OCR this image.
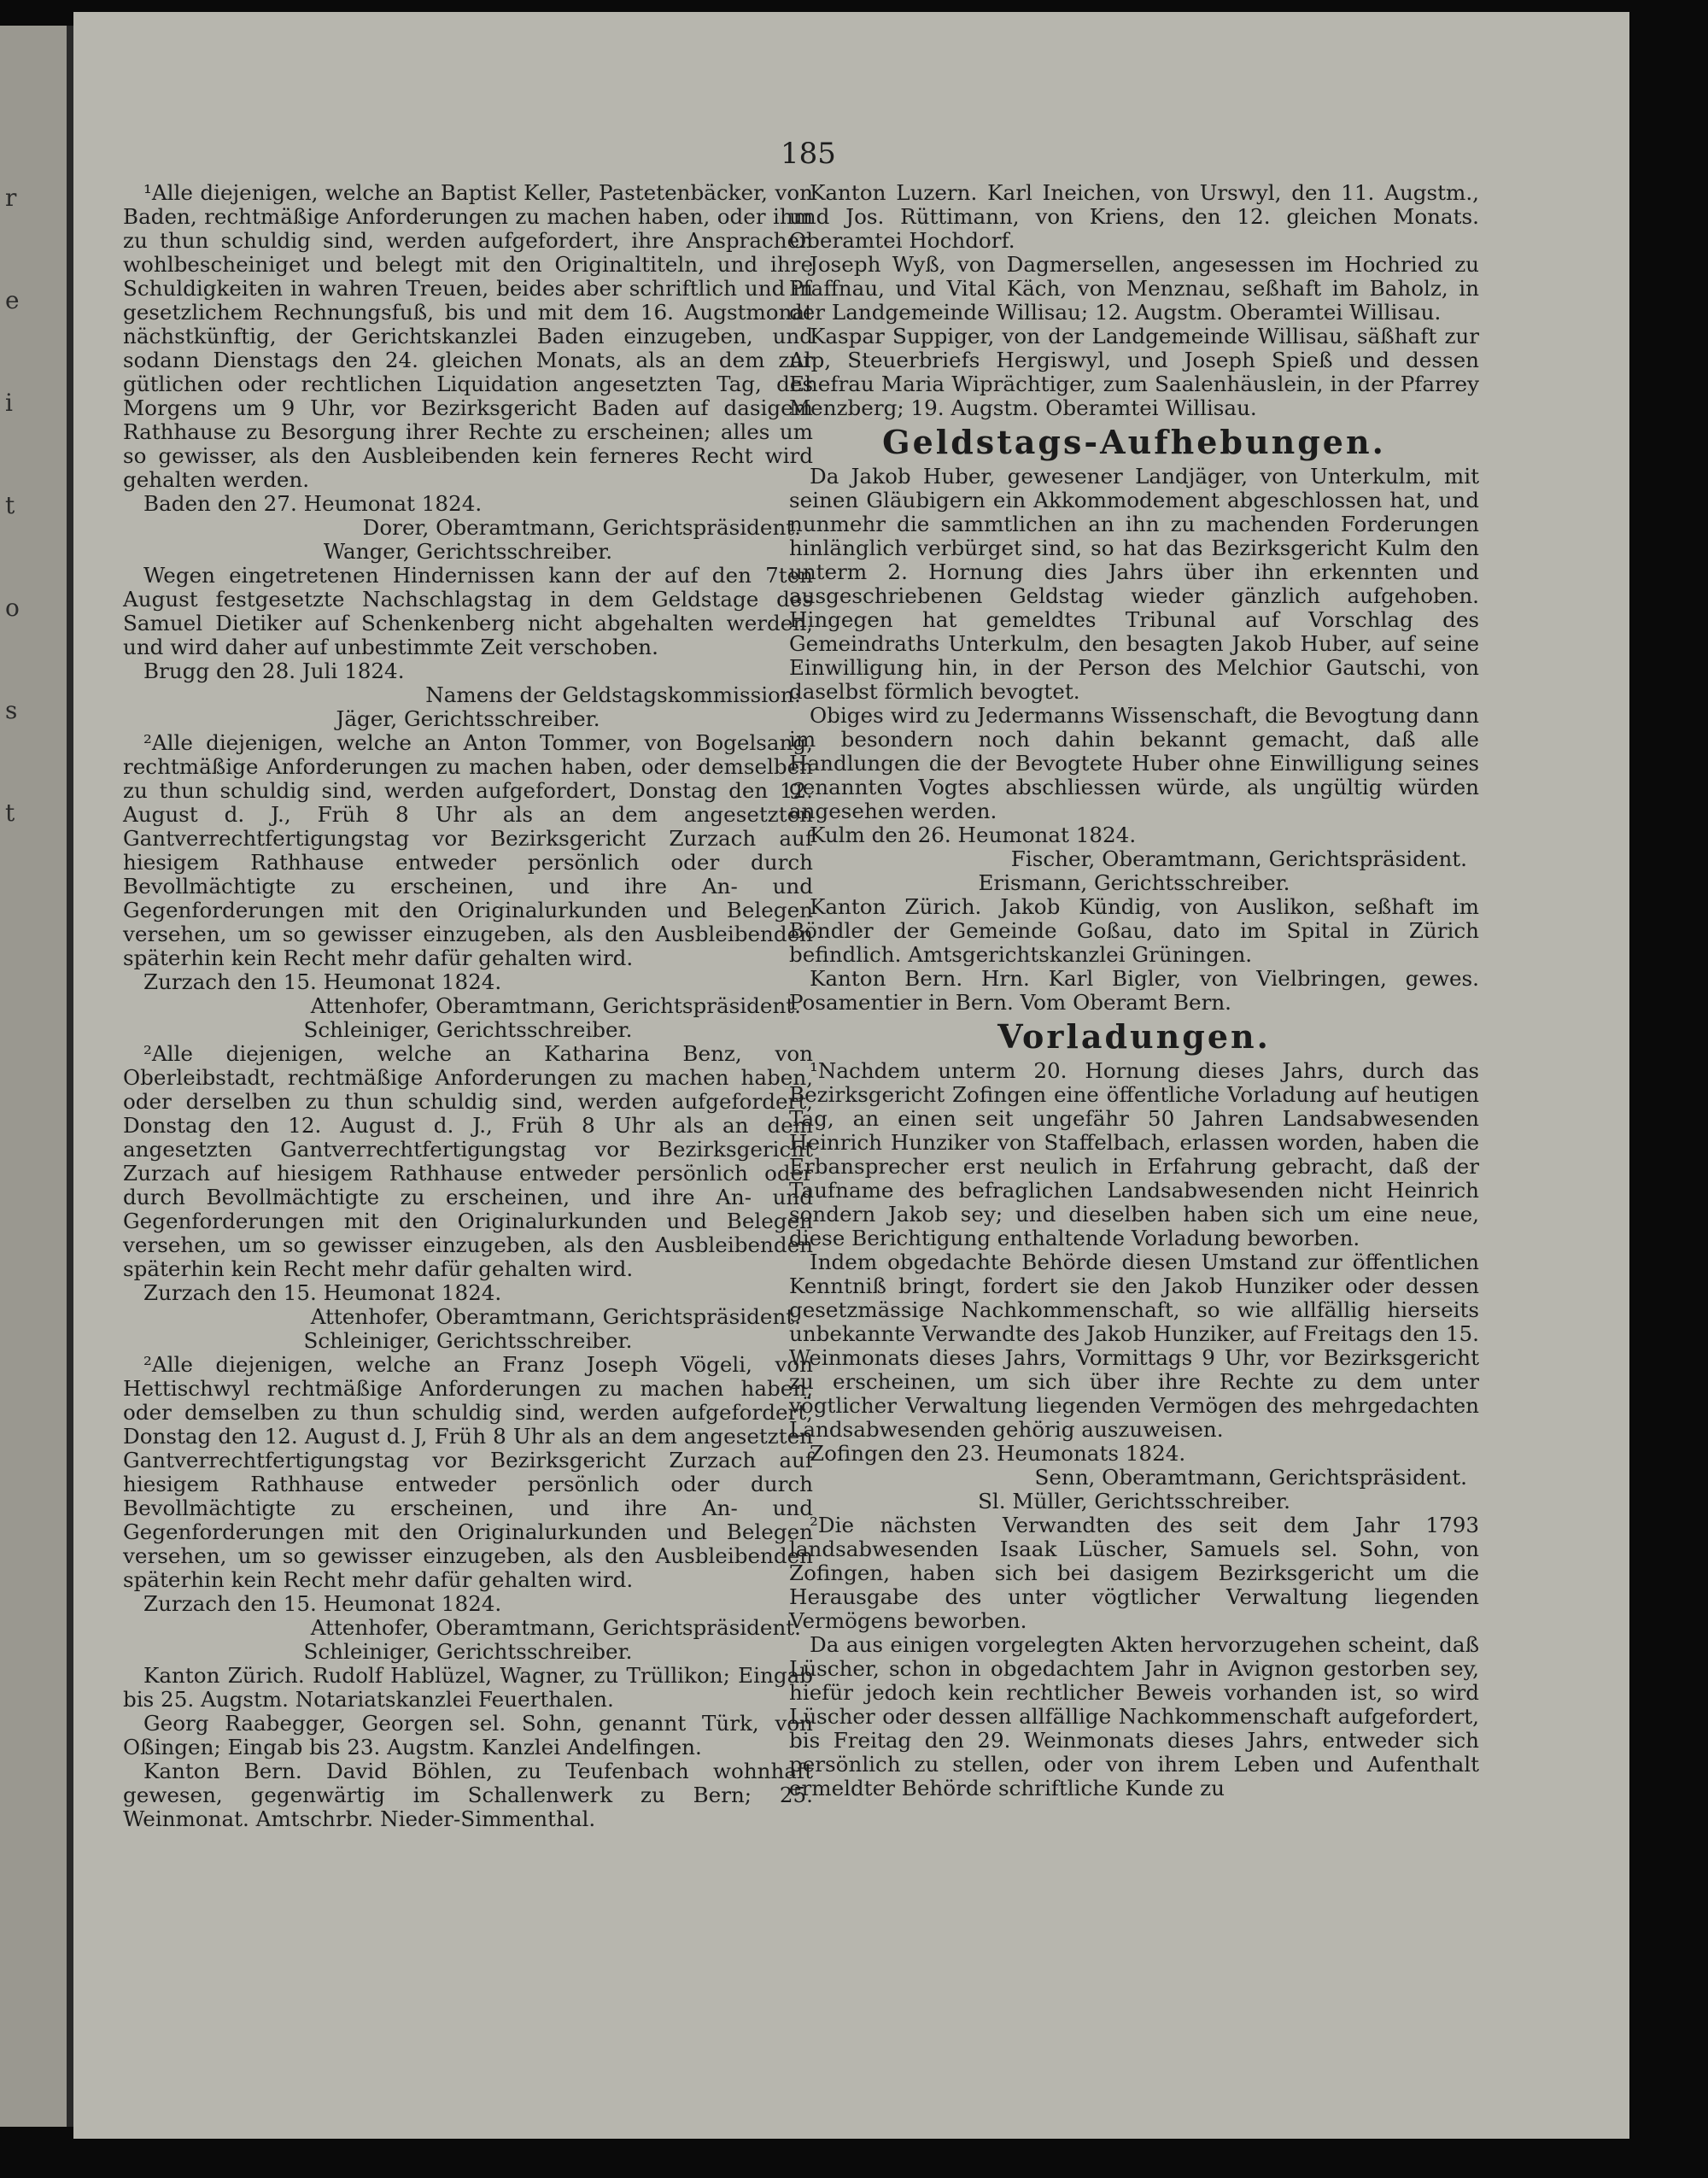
r
e
i
t
o
s
t
185

¹Alle diejenigen, welche an Baptist Keller, Pastetenbäcker, von Baden, rechtmäßige Anforderungen zu machen haben, oder ihm zu thun schuldig sind, werden aufgefordert, ihre Ansprachen wohlbescheiniget und belegt mit den Originaltiteln, und ihre Schuldigkeiten in wahren Treuen, beides aber schriftlich und in gesetzlichem Rechnungsfuß, bis und mit dem 16. Augstmonat nächstkünftig, der Gerichtskanzlei Baden einzugeben, und sodann Dienstags den 24. gleichen Monats, als an dem zur gütlichen oder rechtlichen Liquidation angesetzten Tag, des Morgens um 9 Uhr, vor Bezirksgericht Baden auf dasigem Rathhause zu Besorgung ihrer Rechte zu erscheinen; alles um so gewisser, als den Ausbleibenden kein ferneres Recht wird gehalten werden.

Baden den 27. Heumonat 1824.

Dorer, Oberamtmann, Gerichtspräsident.

Wanger, Gerichtsschreiber.

Wegen eingetretenen Hindernissen kann der auf den 7ten August festgesetzte Nachschlagstag in dem Geldstage des Samuel Dietiker auf Schenkenberg nicht abgehalten werden, und wird daher auf unbestimmte Zeit verschoben.

Brugg den 28. Juli 1824.

Namens der Geldstagskommission:

Jäger, Gerichtsschreiber.

²Alle diejenigen, welche an Anton Tommer, von Bogelsang, rechtmäßige Anforderungen zu machen haben, oder demselben zu thun schuldig sind, werden aufgefordert, Donstag den 12. August d. J., Früh 8 Uhr als an dem angesetzten Gantverrechtfertigungstag vor Bezirksgericht Zurzach auf hiesigem Rathhause entweder persönlich oder durch Bevollmächtigte zu erscheinen, und ihre An- und Gegenforderungen mit den Originalurkunden und Belegen versehen, um so gewisser einzugeben, als den Ausbleibenden späterhin kein Recht mehr dafür gehalten wird.

Zurzach den 15. Heumonat 1824.

Attenhofer, Oberamtmann, Gerichtspräsident.

Schleiniger, Gerichtsschreiber.

²Alle diejenigen, welche an Katharina Benz, von Oberleibstadt, rechtmäßige Anforderungen zu machen haben, oder derselben zu thun schuldig sind, werden aufgefordert, Donstag den 12. August d. J., Früh 8 Uhr als an dem angesetzten Gantverrechtfertigungstag vor Bezirksgericht Zurzach auf hiesigem Rathhause entweder persönlich oder durch Bevollmächtigte zu erscheinen, und ihre An- und Gegenforderungen mit den Originalurkunden und Belegen versehen, um so gewisser einzugeben, als den Ausbleibenden späterhin kein Recht mehr dafür gehalten wird.

Zurzach den 15. Heumonat 1824.

Attenhofer, Oberamtmann, Gerichtspräsident.

Schleiniger, Gerichtsschreiber.

²Alle diejenigen, welche an Franz Joseph Vögeli, von Hettischwyl rechtmäßige Anforderungen zu machen haben, oder demselben zu thun schuldig sind, werden aufgefordert, Donstag den 12. August d. J, Früh 8 Uhr als an dem angesetzten Gantverrechtfertigungstag vor Bezirksgericht Zurzach auf hiesigem Rathhause entweder persönlich oder durch Bevollmächtigte zu erscheinen, und ihre An- und Gegenforderungen mit den Originalurkunden und Belegen versehen, um so gewisser einzugeben, als den Ausbleibenden späterhin kein Recht mehr dafür gehalten wird.

Zurzach den 15. Heumonat 1824.

Attenhofer, Oberamtmann, Gerichtspräsident.

Schleiniger, Gerichtsschreiber.

Kanton Zürich. Rudolf Hablüzel, Wagner, zu Trüllikon; Eingab bis 25. Augstm. Notariatskanzlei Feuerthalen.

Georg Raabegger, Georgen sel. Sohn, genannt Türk, von Oßingen; Eingab bis 23. Augstm. Kanzlei Andelfingen.

Kanton Bern. David Böhlen, zu Teufenbach wohnhaft gewesen, gegenwärtig im Schallenwerk zu Bern; 25. Weinmonat. Amtschrbr. Nieder-Simmenthal.

Kanton Luzern. Karl Ineichen, von Urswyl, den 11. Augstm., und Jos. Rüttimann, von Kriens, den 12. gleichen Monats. Oberamtei Hochdorf.

Joseph Wyß, von Dagmersellen, angesessen im Hochried zu Pfaffnau, und Vital Käch, von Menznau, seßhaft im Baholz, in der Landgemeinde Willisau; 12. Augstm. Oberamtei Willisau.

Kaspar Suppiger, von der Landgemeinde Willisau, säßhaft zur Alp, Steuerbriefs Hergiswyl, und Joseph Spieß und dessen Ehefrau Maria Wiprächtiger, zum Saalenhäuslein, in der Pfarrey Menzberg; 19. Augstm. Oberamtei Willisau.

Geldstags-Aufhebungen.

Da Jakob Huber, gewesener Landjäger, von Unterkulm, mit seinen Gläubigern ein Akkommodement abgeschlossen hat, und nunmehr die sammtlichen an ihn zu machenden Forderungen hinlänglich verbürget sind, so hat das Bezirksgericht Kulm den unterm 2. Hornung dies Jahrs über ihn erkennten und ausgeschriebenen Geldstag wieder gänzlich aufgehoben. Hingegen hat gemeldtes Tribunal auf Vorschlag des Gemeindraths Unterkulm, den besagten Jakob Huber, auf seine Einwilligung hin, in der Person des Melchior Gautschi, von daselbst förmlich bevogtet.

Obiges wird zu Jedermanns Wissenschaft, die Bevogtung dann im besondern noch dahin bekannt gemacht, daß alle Handlungen die der Bevogtete Huber ohne Einwilligung seines genannten Vogtes abschliessen würde, als ungültig würden angesehen werden.

Kulm den 26. Heumonat 1824.

Fischer, Oberamtmann, Gerichtspräsident.

Erismann, Gerichtsschreiber.

Kanton Zürich. Jakob Kündig, von Auslikon, seßhaft im Böndler der Gemeinde Goßau, dato im Spital in Zürich befindlich. Amtsgerichtskanzlei Grüningen.

Kanton Bern. Hrn. Karl Bigler, von Vielbringen, gewes. Posamentier in Bern. Vom Oberamt Bern.

Vorladungen.

¹Nachdem unterm 20. Hornung dieses Jahrs, durch das Bezirksgericht Zofingen eine öffentliche Vorladung auf heutigen Tag, an einen seit ungefähr 50 Jahren Landsabwesenden Heinrich Hunziker von Staffelbach, erlassen worden, haben die Erbansprecher erst neulich in Erfahrung gebracht, daß der Taufname des befraglichen Landsabwesenden nicht Heinrich sondern Jakob sey; und dieselben haben sich um eine neue, diese Berichtigung enthaltende Vorladung beworben.

Indem obgedachte Behörde diesen Umstand zur öffentlichen Kenntniß bringt, fordert sie den Jakob Hunziker oder dessen gesetzmässige Nachkommenschaft, so wie allfällig hierseits unbekannte Verwandte des Jakob Hunziker, auf Freitags den 15. Weinmonats dieses Jahrs, Vormittags 9 Uhr, vor Bezirksgericht zu erscheinen, um sich über ihre Rechte zu dem unter vögtlicher Verwaltung liegenden Vermögen des mehrgedachten Landsabwesenden gehörig auszuweisen.

Zofingen den 23. Heumonats 1824.

Senn, Oberamtmann, Gerichtspräsident.

Sl. Müller, Gerichtsschreiber.

²Die nächsten Verwandten des seit dem Jahr 1793 landsabwesenden Isaak Lüscher, Samuels sel. Sohn, von Zofingen, haben sich bei dasigem Bezirksgericht um die Herausgabe des unter vögtlicher Verwaltung liegenden Vermögens beworben.

Da aus einigen vorgelegten Akten hervorzugehen scheint, daß Lüscher, schon in obgedachtem Jahr in Avignon gestorben sey, hiefür jedoch kein rechtlicher Beweis vorhanden ist, so wird Lüscher oder dessen allfällige Nachkommenschaft aufgefordert, bis Freitag den 29. Weinmonats dieses Jahrs, entweder sich persönlich zu stellen, oder von ihrem Leben und Aufenthalt ermeldter Behörde schriftliche Kunde zu
